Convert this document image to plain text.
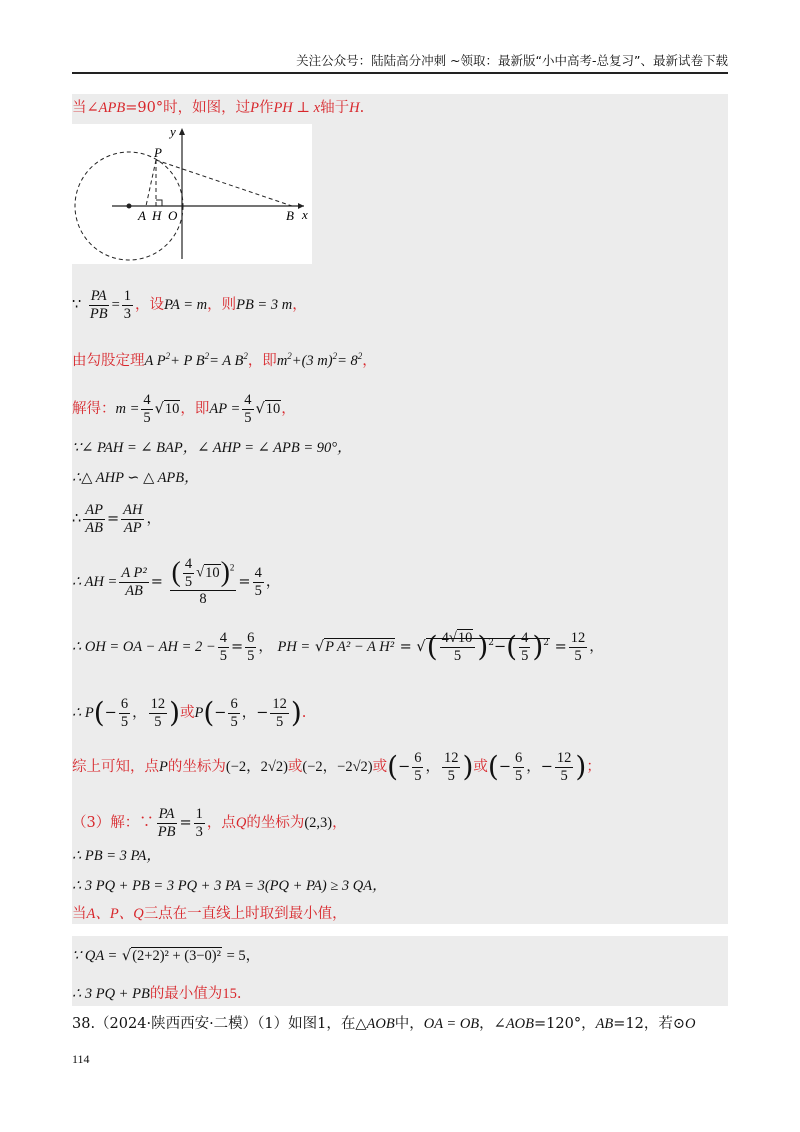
关注公众号：陆陆高分冲刺 ~领取：最新版“小中高考-总复习”、最新试卷下载
当∠APB=90°时，如图，过P作PH ⊥ x轴于H.
y
x
P
A H O	B
∵ $\frac{PA}{PB} = \frac{1}{3}$ ，设PA = m，则PB = 3 m，
由勾股定理A $P^2+ P$ $B^2= A$ $B^2$，即$m^2+(3$ $m)^2= 8^2$，
解得：$m = \frac{4}{5} √10$，即AP = $\frac{4}{5} √10$，
∵∠ PAH = ∠ BAP，∠ AHP = ∠ APB = 90°，
∴△ AHP ∽ △ APB，
∴ $\frac{AP}{AB} = \frac{AH}{AP}$ ，
∴ AH = $\frac{\text{A P²}}{AB} = \frac{( \frac{4}{5} √10)^2}{8} = \frac{4}{5}$ ，
∴ OH = OA − AH = $2 - \frac{4}{5} = \frac{6}{5}$ ， PH = √P A² − A H² = √( $\frac{4√10}{5} )^2-( \frac{4}{5} )^2 = \frac{12}{5}$ ，
∴ $P(- \frac{6}{5}$ ， $\frac{12}{5}$ )或$P(- \frac{6}{5}$ ，− $\frac{12}{5}$ ).
综上可知，点P的坐标为(−2，2√2)或(−2，−2√2)或(− $\frac{6}{5}$ ， $\frac{12}{5}$ )或(− $\frac{6}{5}$ ，− $\frac{12}{5}$ )；
（3）解：∵ $\frac{PA}{PB} = \frac{1}{3}$ ，点Q的坐标为(2,3)，
∴ PB = 3 PA，
∴ 3 PQ + PB = 3 PQ + 3 PA = 3(PQ + PA) ≥ 3 QA，
当A、P、Q三点在一直线上时取到最小值，
∵ QA = √(2+2)² + (3−0)² = 5，
∴ 3 PQ + PB的最小值为15.
38.（2024·陕西西安·二模）（1）如图1，在△AOB中，OA = OB，∠AOB=120°，AB=12，若⊙O
114
